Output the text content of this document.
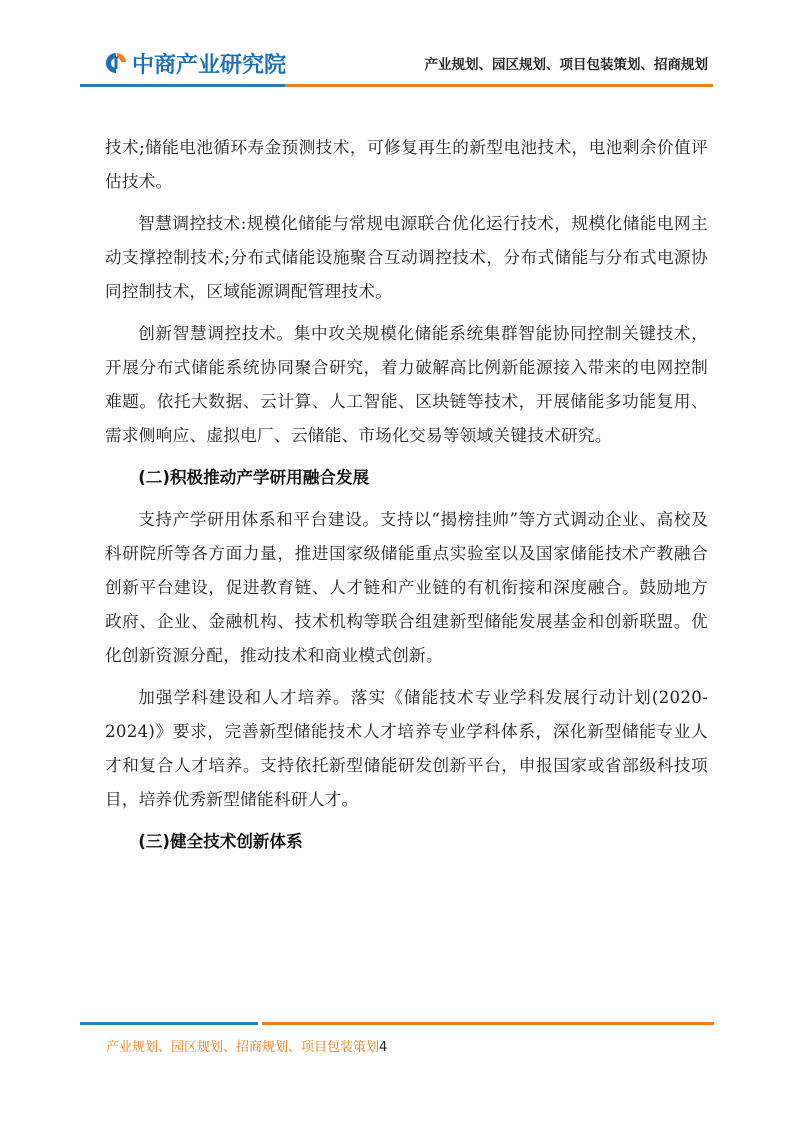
中商产业研究院	产业规划、园区规划、项目包装策划、招商规划

技术;储能电池循环寿金预测技术，可修复再生的新型电池技术，电池剩余价值评估技术。

智慧调控技术:规模化储能与常规电源联合优化运行技术，规模化储能电网主动支撑控制技术;分布式储能设施聚合互动调控技术，分布式储能与分布式电源协同控制技术，区域能源调配管理技术。

创新智慧调控技术。集中攻关规模化储能系统集群智能协同控制关键技术，开展分布式储能系统协同聚合研究，着力破解高比例新能源接入带来的电网控制难题。依托大数据、云计算、人工智能、区块链等技术，开展储能多功能复用、需求侧响应、虚拟电厂、云储能、市场化交易等领域关键技术研究。

(二)积极推动产学研用融合发展

支持产学研用体系和平台建设。支持以“揭榜挂帅”等方式调动企业、高校及科研院所等各方面力量，推进国家级储能重点实验室以及国家储能技术产教融合创新平台建设，促进教育链、人才链和产业链的有机衔接和深度融合。鼓励地方政府、企业、金融机构、技术机构等联合组建新型储能发展基金和创新联盟。优化创新资源分配，推动技术和商业模式创新。

加强学科建设和人才培养。落实《储能技术专业学科发展行动计划(2020-2024)》要求，完善新型储能技术人才培养专业学科体系，深化新型储能专业人才和复合人才培养。支持依托新型储能研发创新平台，申报国家或省部级科技项目，培养优秀新型储能科研人才。

(三)健全技术创新体系
产业规划、园区规划、招商规划、项目包装策划4
